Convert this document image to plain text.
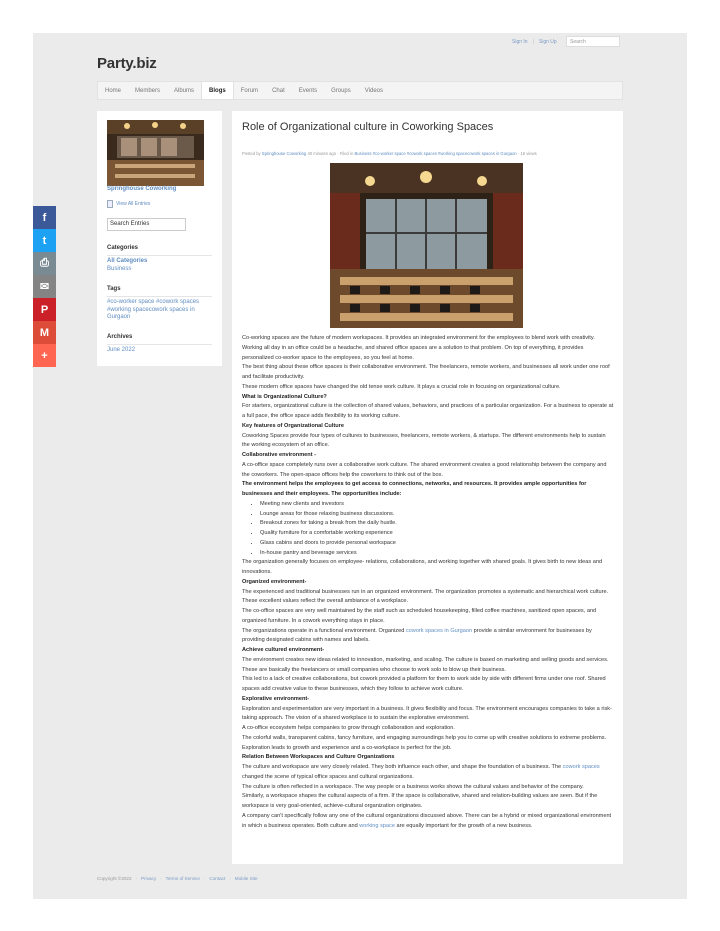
Sign In | Sign Up	Search
Party.biz
Home	Members	Albums	Blogs	Forum	Chat	Events	Groups	Videos
Springhouse Coworking
View All Entries
Search Entries
Categories
All Categories
Business
Tags
#co-worker space #cowork spaces #working spacecowork spaces in Gurgaon
Archives
June 2022
Role of Organizational culture in Coworking Spaces
Posted by Springhouse Coworking 40 minutes ago · Filed in Business #co-worker space #cowork spaces #working spacecowork spaces in Gurgaon · 16 views

Co-working spaces are the future of modern workspaces. It provides an integrated environment for the employees to blend work with creativity. Working all day in an office could be a headache, and shared office spaces are a solution to that problem. On top of everything, it provides personalized co-worker space to the employees, so you feel at home.

The best thing about these office spaces is their collaborative environment. The freelancers, remote workers, and businesses all work under one roof and facilitate productivity.

These modern office spaces have changed the old tense work culture. It plays a crucial role in focusing on organizational culture.

What is Organizational Culture?

For starters, organizational culture is the collection of shared values, behaviors, and practices of a particular organization. For a business to operate at a full pace, the office space adds flexibility to its working culture.

Key features of Organizational Culture

Coworking Spaces provide four types of cultures to businesses, freelancers, remote workers, & startups. The different environments help to sustain the working ecosystem of an office.

Collaborative environment -

A co-office space completely runs over a collaborative work culture. The shared environment creates a good relationship between the company and the coworkers. The open-space offices help the coworkers to think out of the box.

The environment helps the employees to get access to connections, networks, and resources. It provides ample opportunities for businesses and their employees. The opportunities include:

• Meeting new clients and investors
• Lounge areas for those relaxing business discussions.
• Breakout zones for taking a break from the daily hustle.
• Quality furniture for a comfortable working experience
• Glass cabins and doors to provide personal workspace
• In-house pantry and beverage services

The organization generally focuses on employee- relations, collaborations, and working together with shared goals. It gives birth to new ideas and innovations.

Organized environment-

The experienced and traditional businesses run in an organized environment. The organization promotes a systematic and hierarchical work culture. These excellent values reflect the overall ambiance of a workplace.

The co-office spaces are very well maintained by the staff such as scheduled housekeeping, filled coffee machines, sanitized open spaces, and organized furniture. In a cowork everything stays in place.

The organizations operate in a functional environment. Organized cowork spaces in Gurgaon provide a similar environment for businesses by providing designated cabins with names and labels.

Achieve cultured environment-

The environment creates new ideas related to innovation, marketing, and scaling. The culture is based on marketing and selling goods and services. These are basically the freelancers or small companies who choose to work solo to blow up their business.

This led to a lack of creative collaborations, but cowork provided a platform for them to work side by side with different firms under one roof. Shared spaces add creative value to these businesses, which they follow to achieve work culture.

Explorative environment-

Exploration and experimentation are very important in a business. It gives flexibility and focus. The environment encourages companies to take a risk-taking approach. The vision of a shared workplace is to sustain the explorative environment.

A co-office ecosystem helps companies to grow through collaboration and exploration.

The colorful walls, transparent cabins, fancy furniture, and engaging surroundings help you to come up with creative solutions to extreme problems. Exploration leads to growth and experience and a co-workplace is perfect for the job.

Relation Between Workspaces and Culture Organizations

The culture and workspace are very closely related. They both influence each other, and shape the foundation of a business. The cowork spaces changed the scene of typical office spaces and cultural organizations.

The culture is often reflected in a workspace. The way people or a business works shows the cultural values and behavior of the company.

Similarly, a workspace shapes the cultural aspects of a firm. If the space is collaborative, shared and relation-building values are seen. But if the workspace is very goal-oriented, achieve-cultural organization originates.

A company can't specifically follow any one of the cultural organizations discussed above. There can be a hybrid or mixed organizational environment in which a business operates. Both culture and working space are equally important for the growth of a new business.

Copyright ©2022 · Privacy · Terms of Service · Contact · Mobile Site
f
t
⎙
✉
P
M
+
